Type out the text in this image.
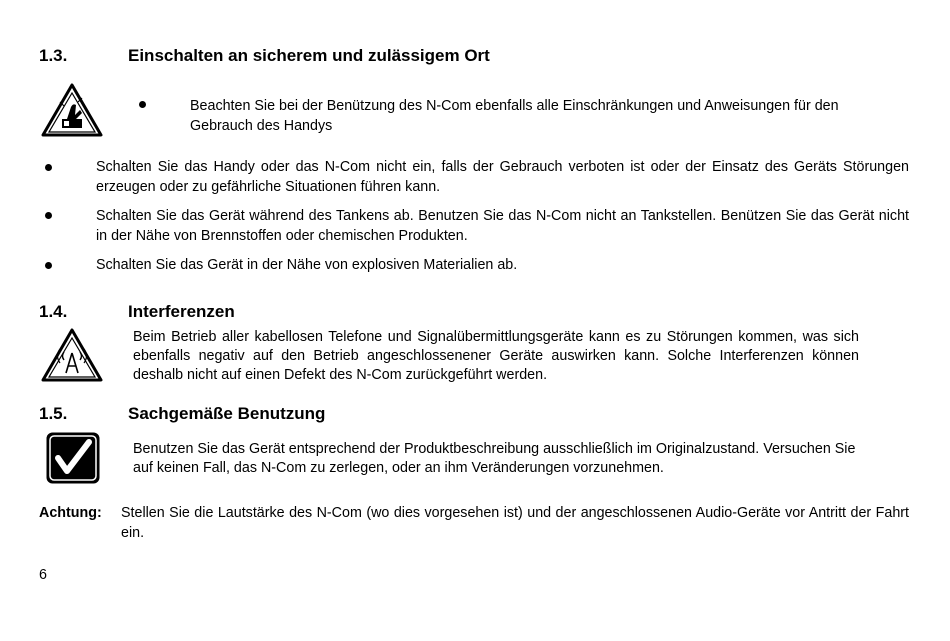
1.3.	Einschalten an sicherem und zulässigem Ort
Beachten Sie bei der Benützung des N-Com ebenfalls alle Einschränkungen und Anweisungen für den Gebrauch des Handys
Schalten Sie das Handy oder das N-Com nicht ein, falls der Gebrauch verboten ist oder der Einsatz des Geräts Störungen erzeugen oder zu gefährliche Situationen führen kann.
Schalten Sie das Gerät während des Tankens ab. Benutzen Sie das N-Com nicht an Tankstellen. Benützen Sie das Gerät nicht in der Nähe von Brennstoffen oder chemischen Produkten.
Schalten Sie das Gerät in der Nähe von explosiven Materialien ab.
1.4.	Interferenzen
Beim Betrieb aller kabellosen Telefone und Signalübermittlungsgeräte kann es zu Störungen kommen, was sich ebenfalls negativ auf den Betrieb angeschlossenener Geräte auswirken kann. Solche Interferenzen können deshalb nicht auf einen Defekt des N-Com zurückgeführt werden.
1.5.	Sachgemäße Benutzung
Benutzen Sie das Gerät entsprechend der Produktbeschreibung ausschließlich im Originalzustand. Versuchen Sie auf keinen Fall, das N-Com zu zerlegen, oder an ihm Veränderungen vorzunehmen.
Achtung: Stellen Sie die Lautstärke des N-Com (wo dies vorgesehen ist) und der angeschlossenen Audio-Geräte vor Antritt der Fahrt ein.
6
